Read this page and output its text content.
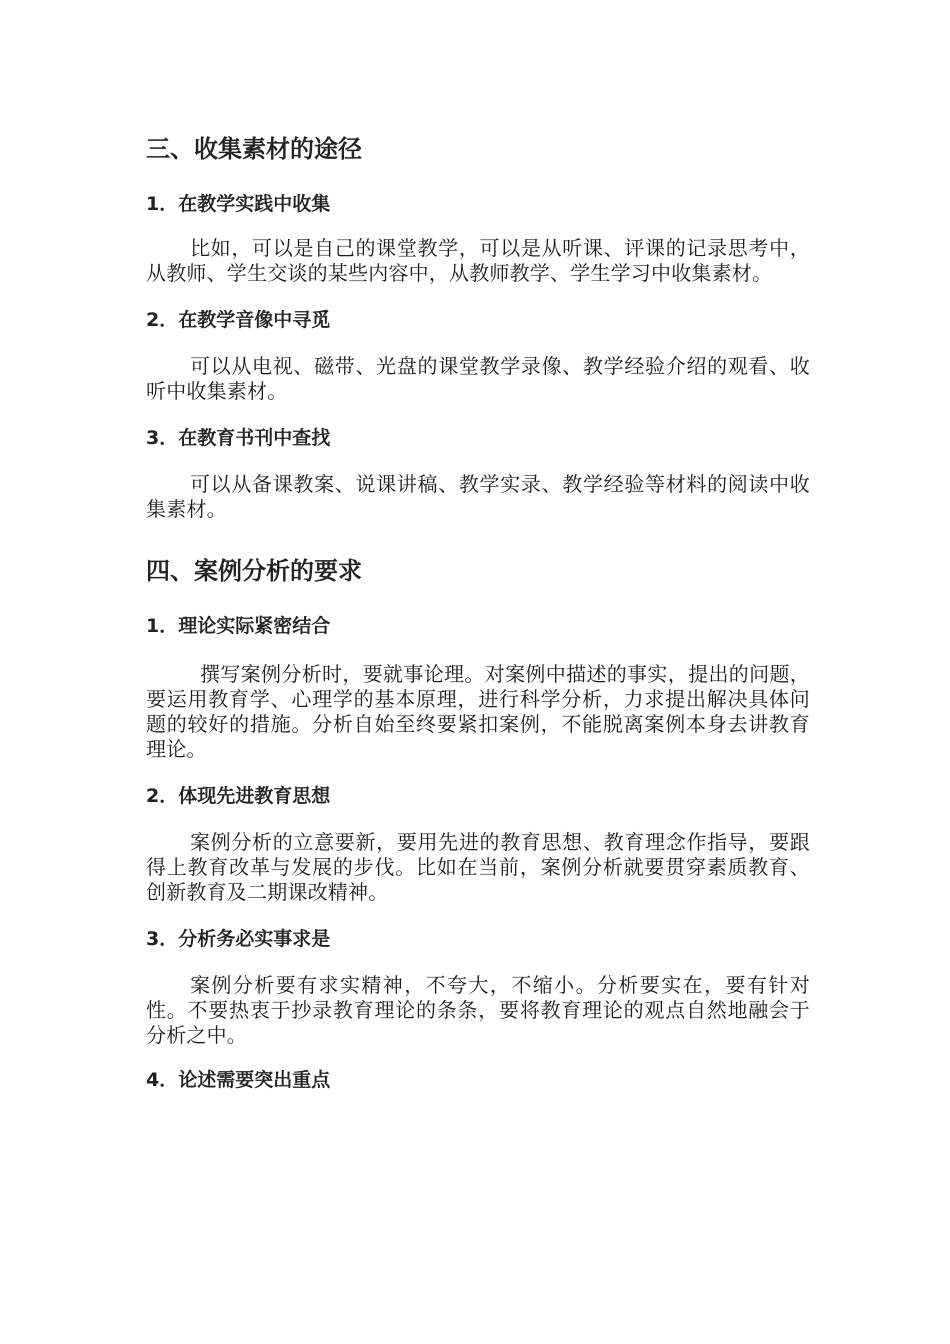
三、收集素材的途径
1．在教学实践中收集

比如，可以是自己的课堂教学，可以是从听课、评课的记录思考中，从教师、学生交谈的某些内容中，从教师教学、学生学习中收集素材。

2．在教学音像中寻觅

可以从电视、磁带、光盘的课堂教学录像、教学经验介绍的观看、收听中收集素材。

3．在教育书刊中查找

可以从备课教案、说课讲稿、教学实录、教学经验等材料的阅读中收集素材。

四、案例分析的要求
1．理论实际紧密结合

撰写案例分析时，要就事论理。对案例中描述的事实，提出的问题，要运用教育学、心理学的基本原理，进行科学分析，力求提出解决具体问题的较好的措施。分析自始至终要紧扣案例，不能脱离案例本身去讲教育理论。

2．体现先进教育思想

案例分析的立意要新，要用先进的教育思想、教育理念作指导，要跟得上教育改革与发展的步伐。比如在当前，案例分析就要贯穿素质教育、创新教育及二期课改精神。

3．分析务必实事求是

案例分析要有求实精神，不夸大，不缩小。分析要实在，要有针对性。不要热衷于抄录教育理论的条条，要将教育理论的观点自然地融会于分析之中。

4．论述需要突出重点
